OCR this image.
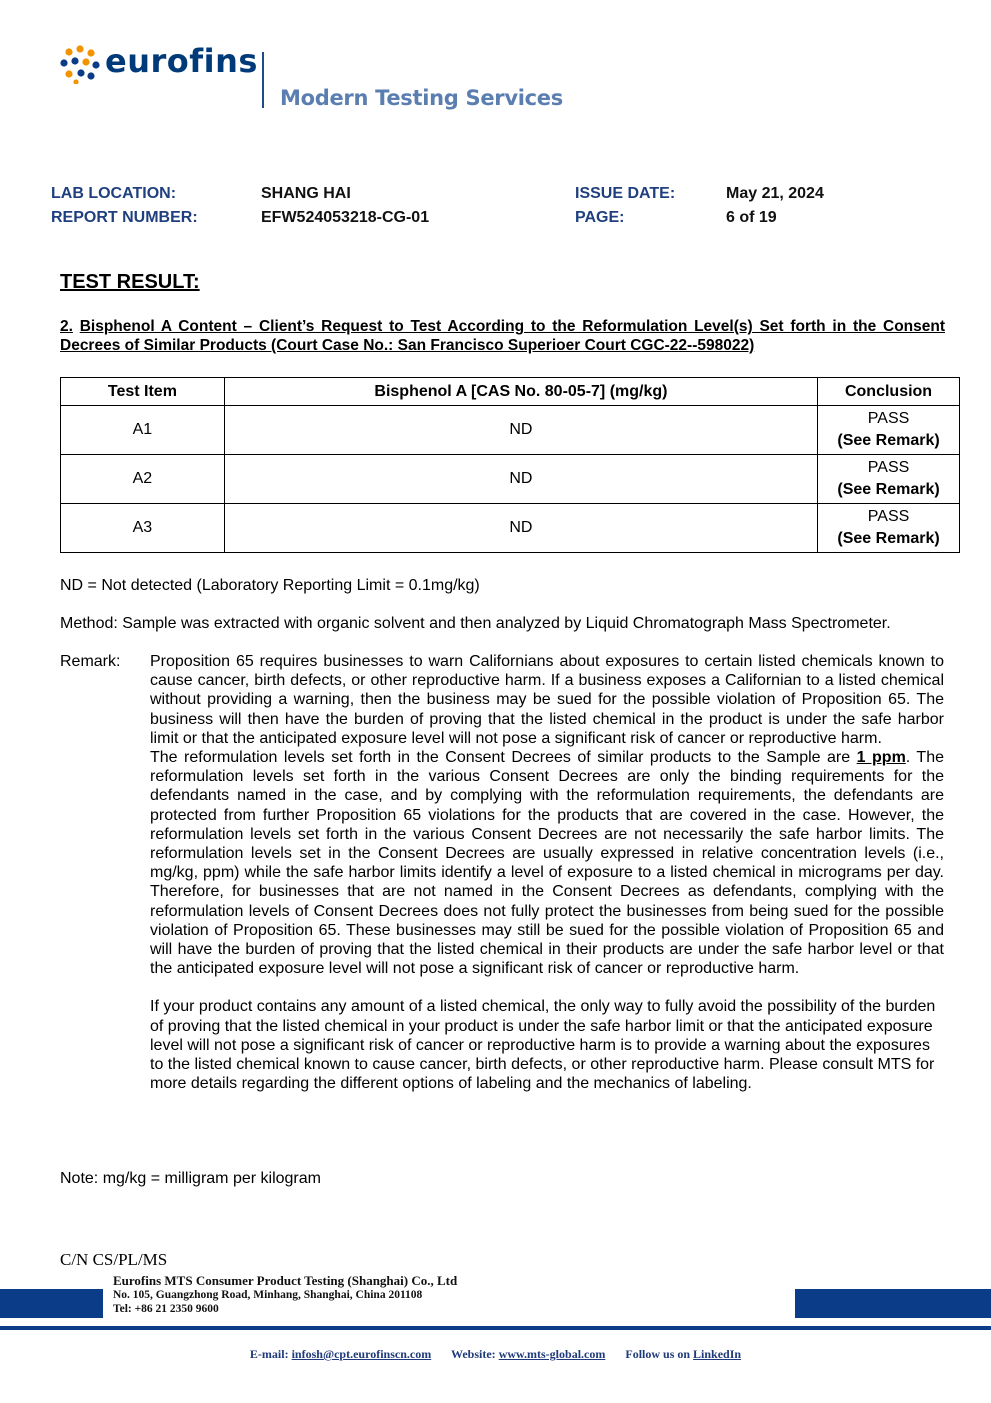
eurofins
Modern Testing Services
LAB LOCATION:	SHANG HAI	ISSUE DATE:	May 21, 2024
REPORT NUMBER:	EFW524053218-CG-01	PAGE:	6 of 19
TEST RESULT:
2. Bisphenol A Content – Client’s Request to Test According to the Reformulation Level(s) Set forth in the Consent Decrees of Similar Products (Court Case No.: San Francisco Superioer Court CGC-22--598022)
Test Item	Bisphenol A [CAS No. 80-05-7] (mg/kg)	Conclusion
A1	ND	PASS
(See Remark)

A2	ND	PASS
(See Remark)

A3	ND	PASS
(See Remark)
ND = Not detected (Laboratory Reporting Limit = 0.1mg/kg)
Method: Sample was extracted with organic solvent and then analyzed by Liquid Chromatograph Mass Spectrometer.
Remark: Proposition 65 requires businesses to warn Californians about exposures to certain listed chemicals known to cause cancer, birth defects, or other reproductive harm. If a business exposes a Californian to a listed chemical without providing a warning, then the business may be sued for the possible violation of Proposition 65. The business will then have the burden of proving that the listed chemical in the product is under the safe harbor limit or that the anticipated exposure level will not pose a significant risk of cancer or reproductive harm.

The reformulation levels set forth in the Consent Decrees of similar products to the Sample are 1 ppm. The reformulation levels set forth in the various Consent Decrees are only the binding requirements for the defendants named in the case, and by complying with the reformulation requirements, the defendants are protected from further Proposition 65 violations for the products that are covered in the case. However, the reformulation levels set forth in the various Consent Decrees are not necessarily the safe harbor limits. The reformulation levels set in the Consent Decrees are usually expressed in relative concentration levels (i.e., mg/kg, ppm) while the safe harbor limits identify a level of exposure to a listed chemical in micrograms per day. Therefore, for businesses that are not named in the Consent Decrees as defendants, complying with the reformulation levels of Consent Decrees does not fully protect the businesses from being sued for the possible violation of Proposition 65. These businesses may still be sued for the possible violation of Proposition 65 and will have the burden of proving that the listed chemical in their products are under the safe harbor level or that the anticipated exposure level will not pose a significant risk of cancer or reproductive harm.

If your product contains any amount of a listed chemical, the only way to fully avoid the possibility of the burden of proving that the listed chemical in your product is under the safe harbor limit or that the anticipated exposure level will not pose a significant risk of cancer or reproductive harm is to provide a warning about the exposures to the listed chemical known to cause cancer, birth defects, or other reproductive harm. Please consult MTS for more details regarding the different options of labeling and the mechanics of labeling.

Note: mg/kg = milligram per kilogram
C/N CS/PL/MS
Eurofins MTS Consumer Product Testing (Shanghai) Co., Ltd
No. 105, Guangzhong Road, Minhang, Shanghai, China 201108
Tel: +86 21 2350 9600
E-mail: infosh@cpt.eurofinscn.com Website: www.mts-global.com Follow us on LinkedIn
